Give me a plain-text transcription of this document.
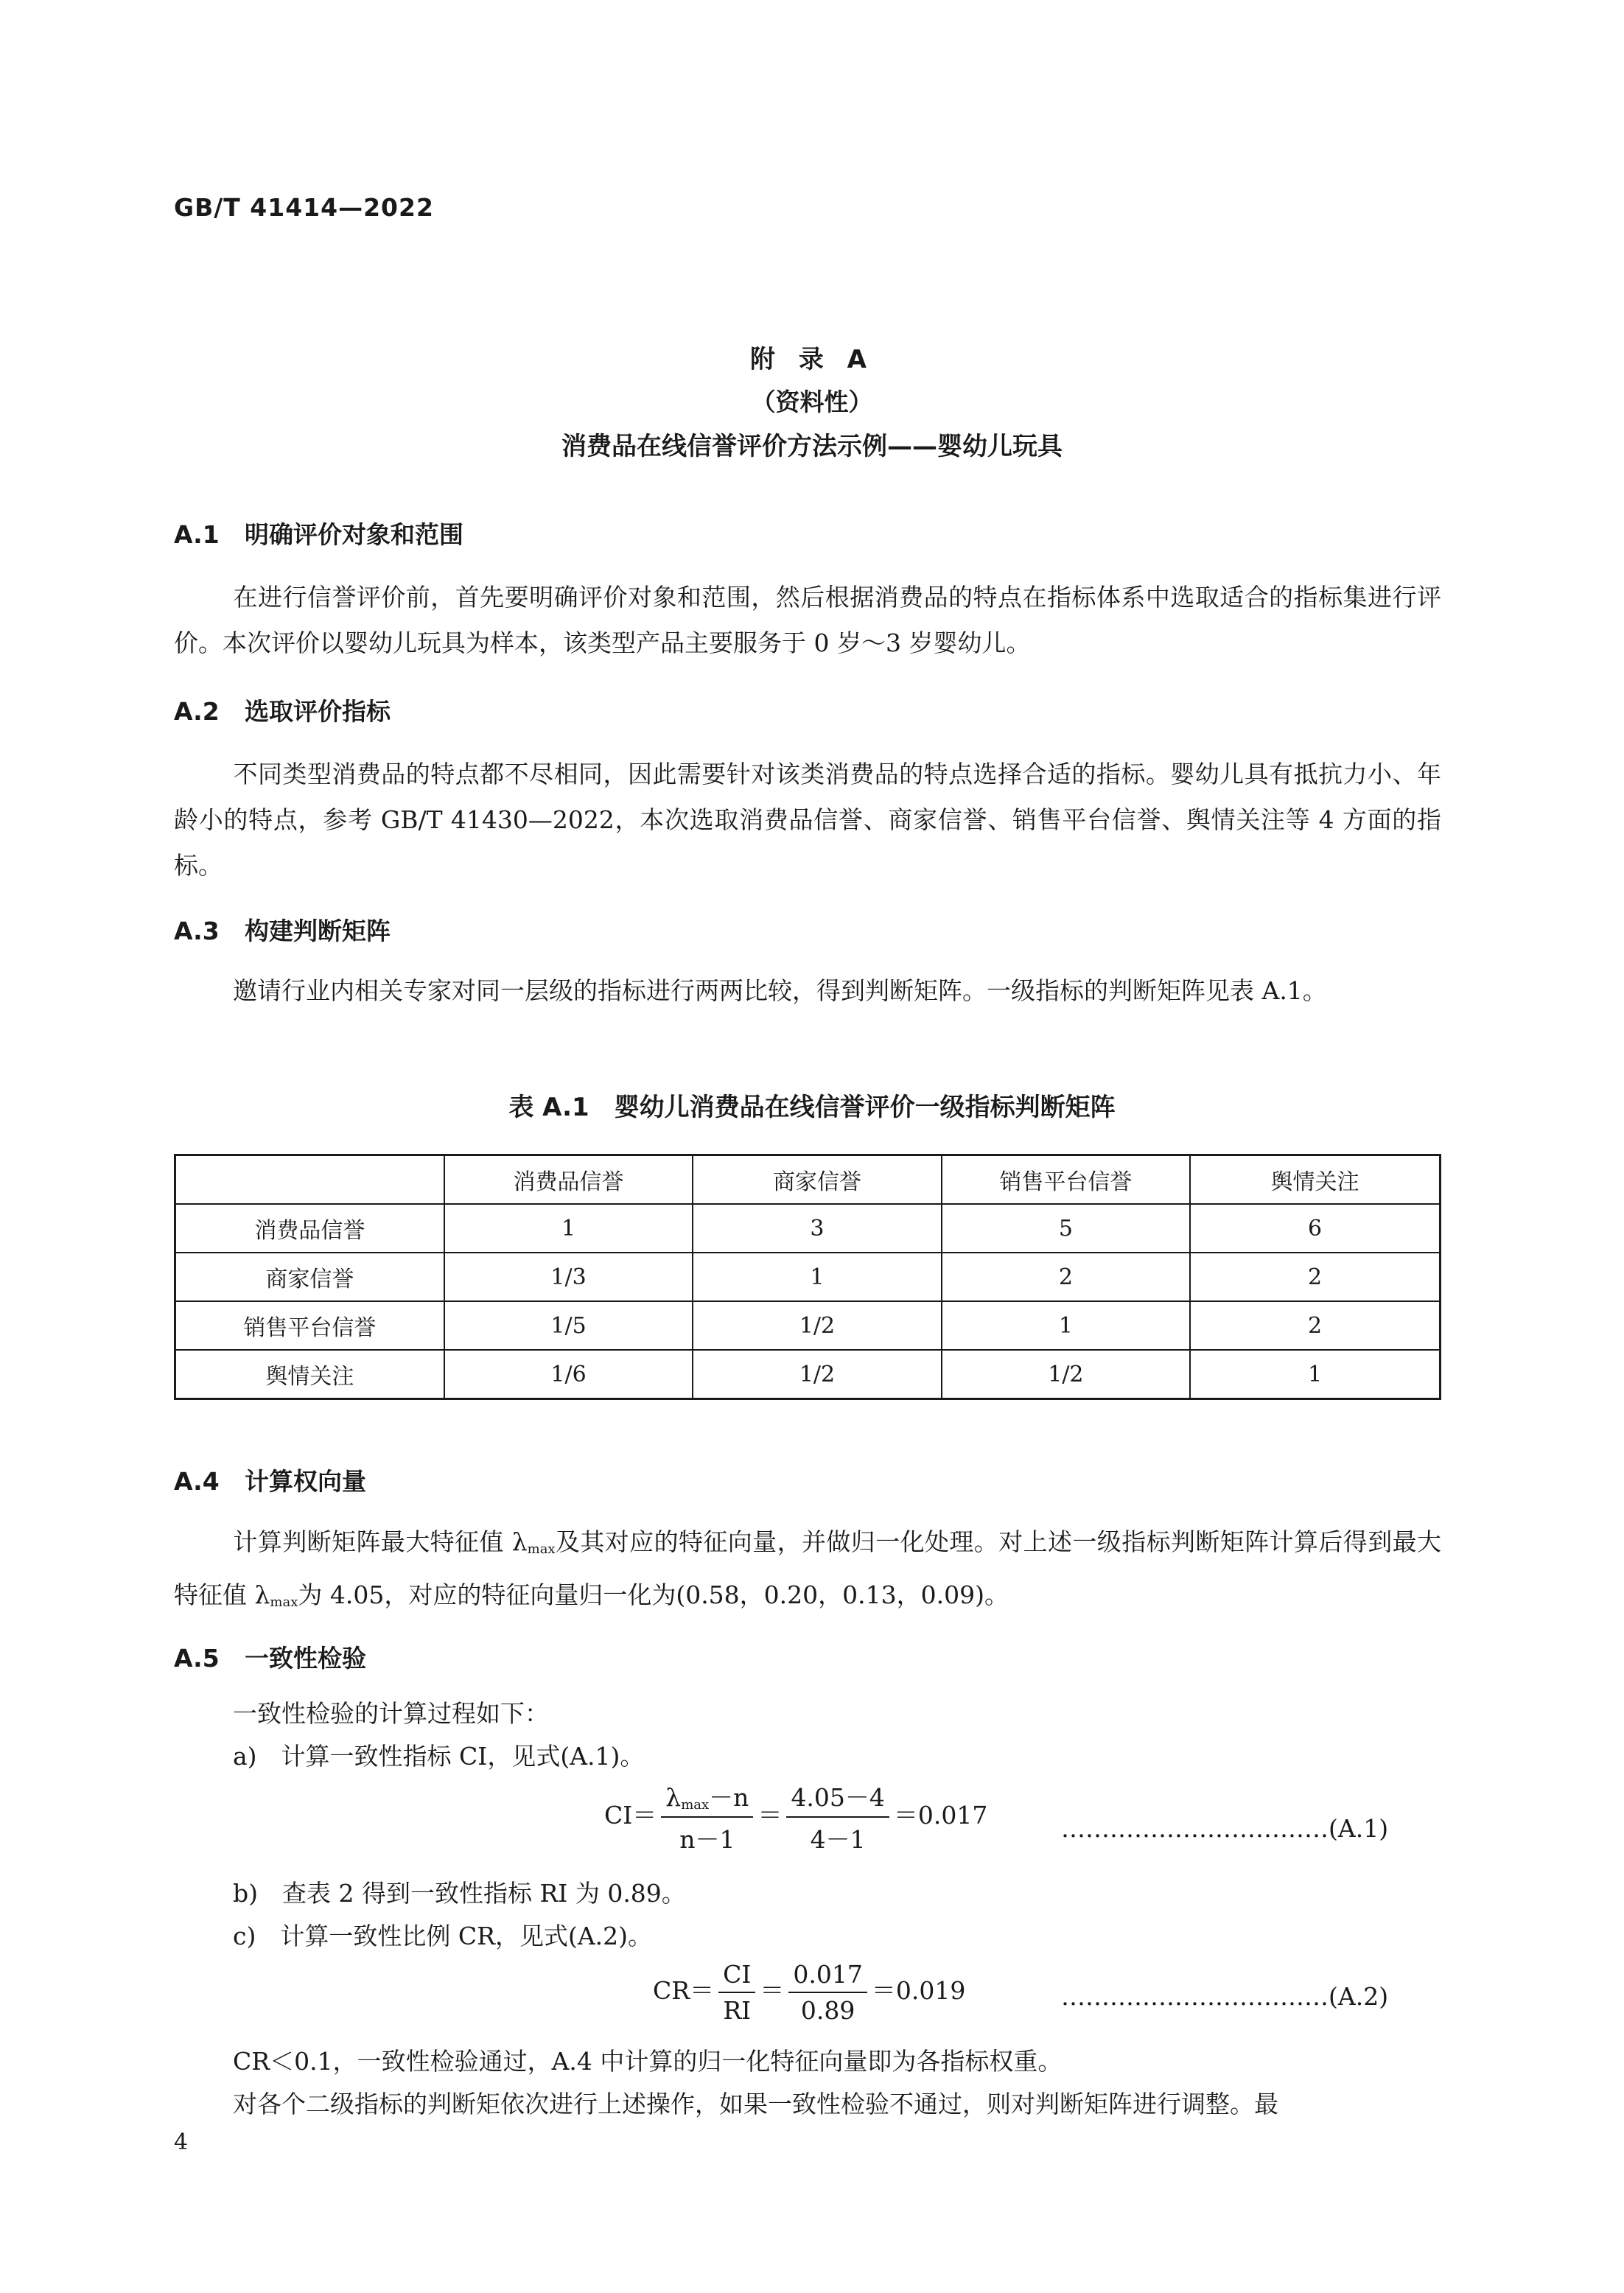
GB/T 41414—2022
附 录 A
（资料性）
消费品在线信誉评价方法示例——婴幼儿玩具
A.1 明确评价对象和范围
在进行信誉评价前，首先要明确评价对象和范围，然后根据消费品的特点在指标体系中选取适合的指标集进行评价。本次评价以婴幼儿玩具为样本，该类型产品主要服务于 0 岁～3 岁婴幼儿。
A.2 选取评价指标
不同类型消费品的特点都不尽相同，因此需要针对该类消费品的特点选择合适的指标。婴幼儿具有抵抗力小、年龄小的特点，参考 GB/T 41430—2022，本次选取消费品信誉、商家信誉、销售平台信誉、舆情关注等 4 方面的指标。
A.3 构建判断矩阵
邀请行业内相关专家对同一层级的指标进行两两比较，得到判断矩阵。一级指标的判断矩阵见表 A.1。
表 A.1　婴幼儿消费品在线信誉评价一级指标判断矩阵
	消费品信誉	商家信誉	销售平台信誉	舆情关注
消费品信誉	1	3	5	6
商家信誉	1/3	1	2	2
销售平台信誉	1/5	1/2	1	2
舆情关注	1/6	1/2	1/2	1
A.4 计算权向量
计算判断矩阵最大特征值 $\lambda_{max}$及其对应的特征向量，并做归一化处理。对上述一级指标判断矩阵计算后得到最大特征值 $\lambda_{max}$为 4.05，对应的特征向量归一化为(0.58，0.20，0.13，0.09)。
A.5 一致性检验
一致性检验的计算过程如下：
a)　计算一致性指标 CI，见式(A.1)。
$CI= \frac{\lambda_{max}-n}{n-1} = \frac{4.05-4}{4-1} =0.017$	……………………………(A.1)
b)　查表 2 得到一致性指标 RI 为 0.89。
c)　计算一致性比例 CR，见式(A.2)。
$CR= \frac{CI}{RI} = \frac{0.017}{0.89} =0.019$	……………………………(A.2)
CR＜0.1，一致性检验通过，A.4 中计算的归一化特征向量即为各指标权重。
对各个二级指标的判断矩依次进行上述操作，如果一致性检验不通过，则对判断矩阵进行调整。最
4
